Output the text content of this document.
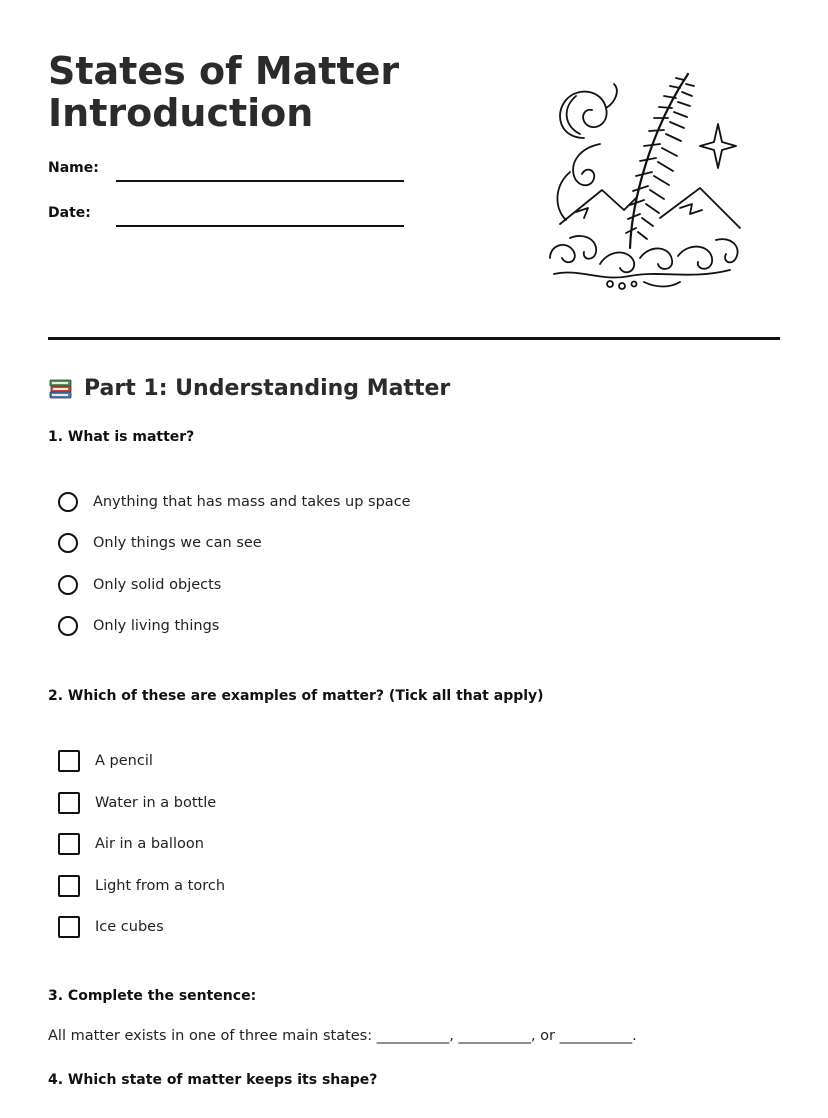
States of Matter
Introduction
Name:
Date:
Part 1: Understanding Matter

1. What is matter?

Anything that has mass and takes up space
Only things we can see
Only solid objects
Only living things

2. Which of these are examples of matter? (Tick all that apply)

A pencil
Water in a bottle
Air in a balloon
Light from a torch
Ice cubes

3. Complete the sentence:

All matter exists in one of three main states: __________, __________, or __________.

4. Which state of matter keeps its shape?
